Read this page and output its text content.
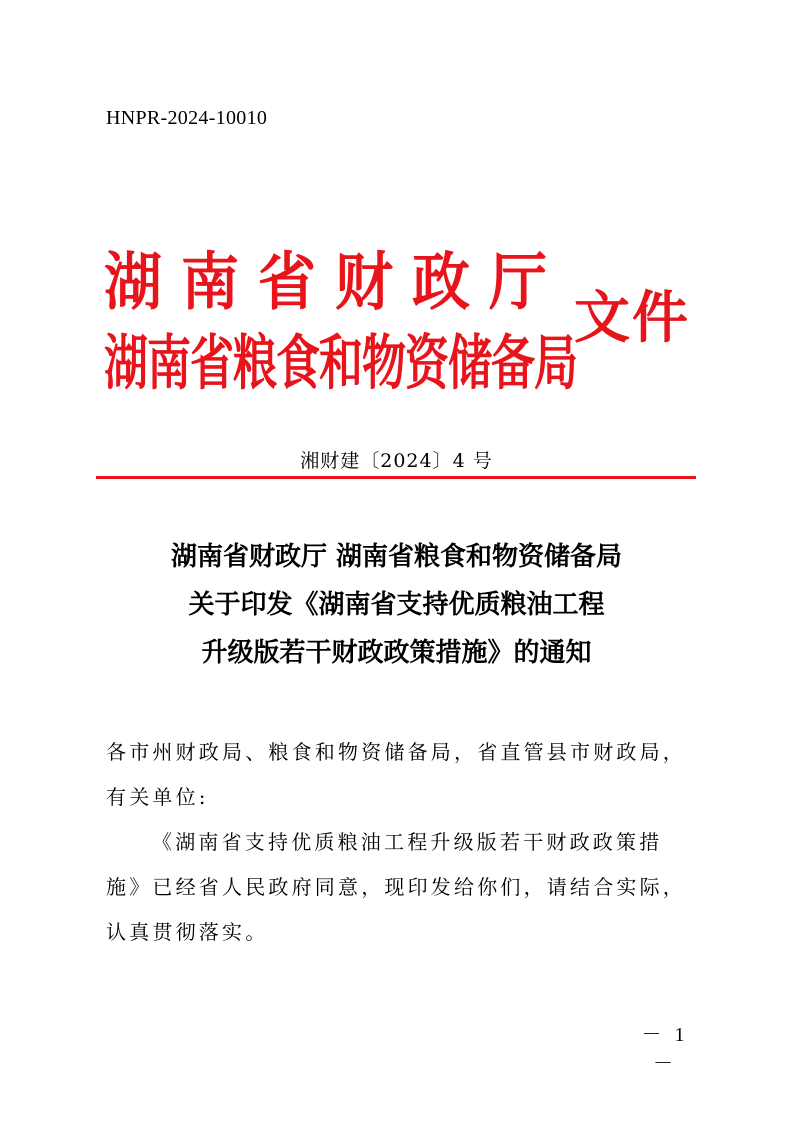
HNPR-2024-10010
湖南省财政厅
湖南省粮食和物资储备局
文件
湘财建〔2024〕4 号
湖南省财政厅 湖南省粮食和物资储备局
关于印发《湖南省支持优质粮油工程
升级版若干财政政策措施》的通知

各市州财政局、粮食和物资储备局，省直管县市财政局，有关单位:

《湖南省支持优质粮油工程升级版若干财政政策措施》已经省人民政府同意，现印发给你们，请结合实际，认真贯彻落实。

－ 1 －
